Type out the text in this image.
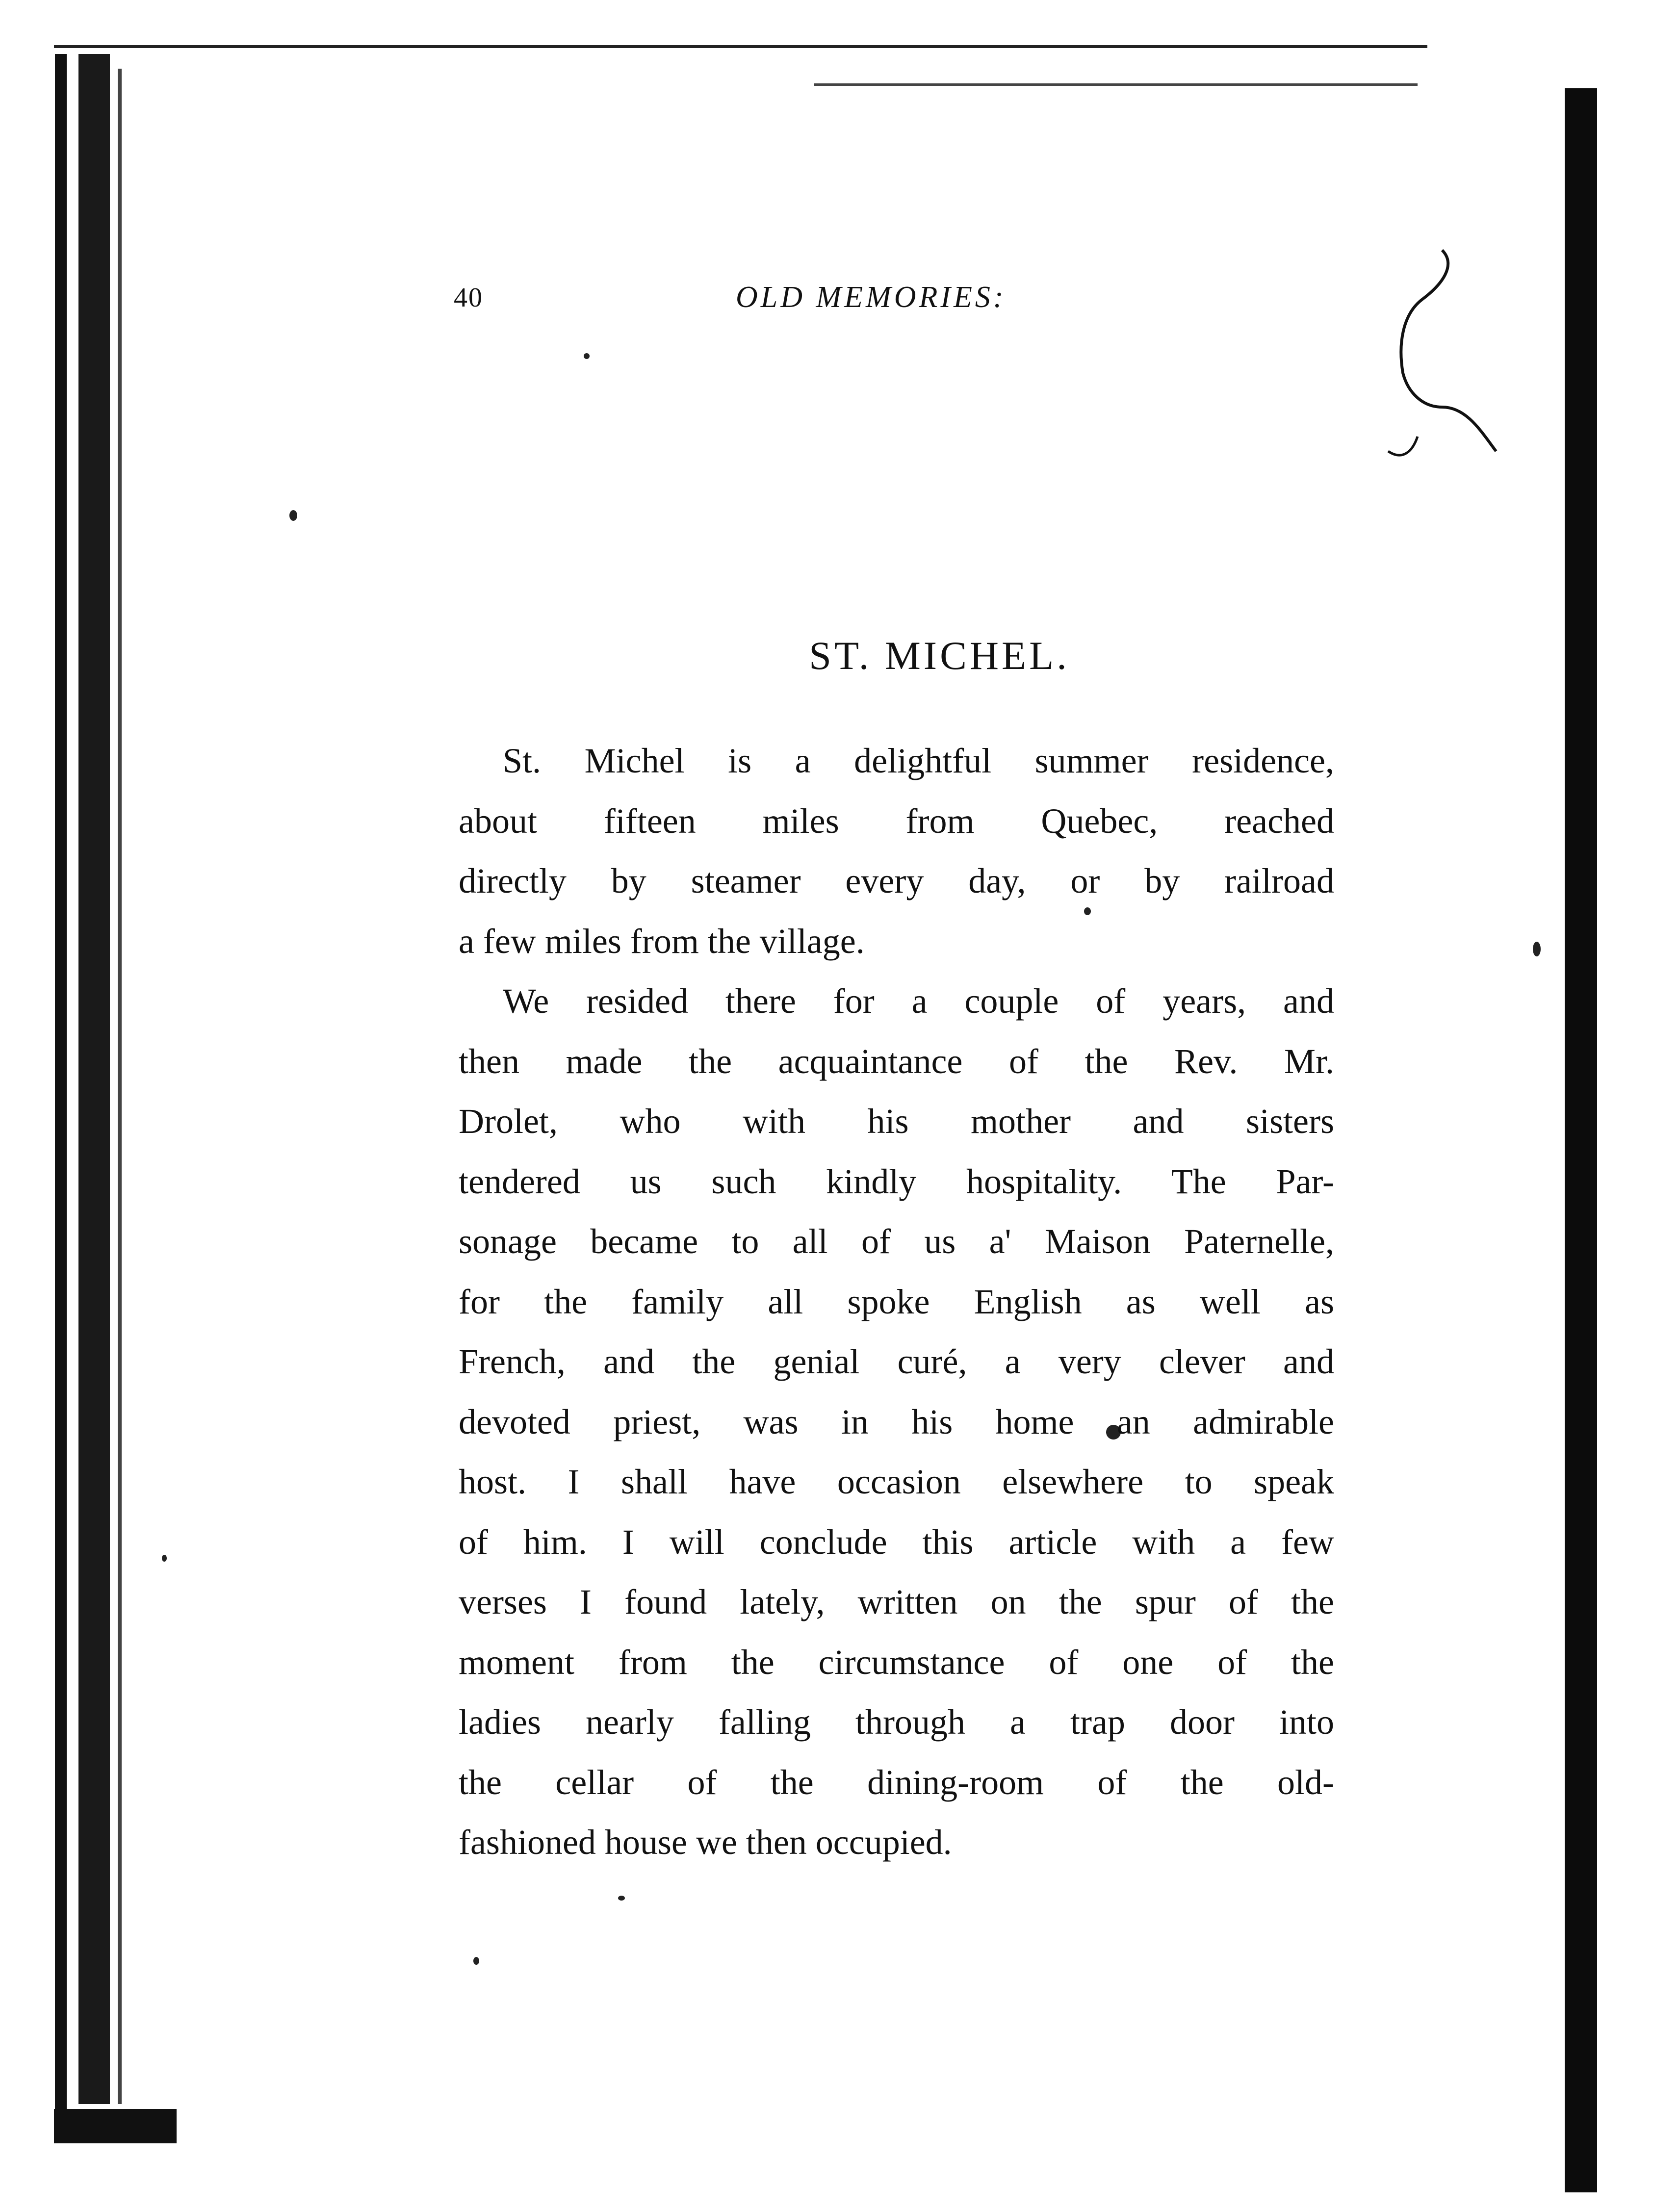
40	OLD MEMORIES:
ST. MICHEL.

St. Michel is a delightful summer residence,
about fifteen miles from Quebec, reached
directly by steamer every day, or by railroad
a few miles from the village.

We resided there for a couple of years, and
then made the acquaintance of the Rev. Mr.
Drolet, who with his mother and sisters
tendered us such kindly hospitality. The Par-
sonage became to all of us a' Maison Paternelle,
for the family all spoke English as well as
French, and the genial curé, a very clever and
devoted priest, was in his home an admirable
host. I shall have occasion elsewhere to speak
of him. I will conclude this article with a few
verses I found lately, written on the spur of the
moment from the circumstance of one of the
ladies nearly falling through a trap door into
the cellar of the dining-room of the old-
fashioned house we then occupied.
